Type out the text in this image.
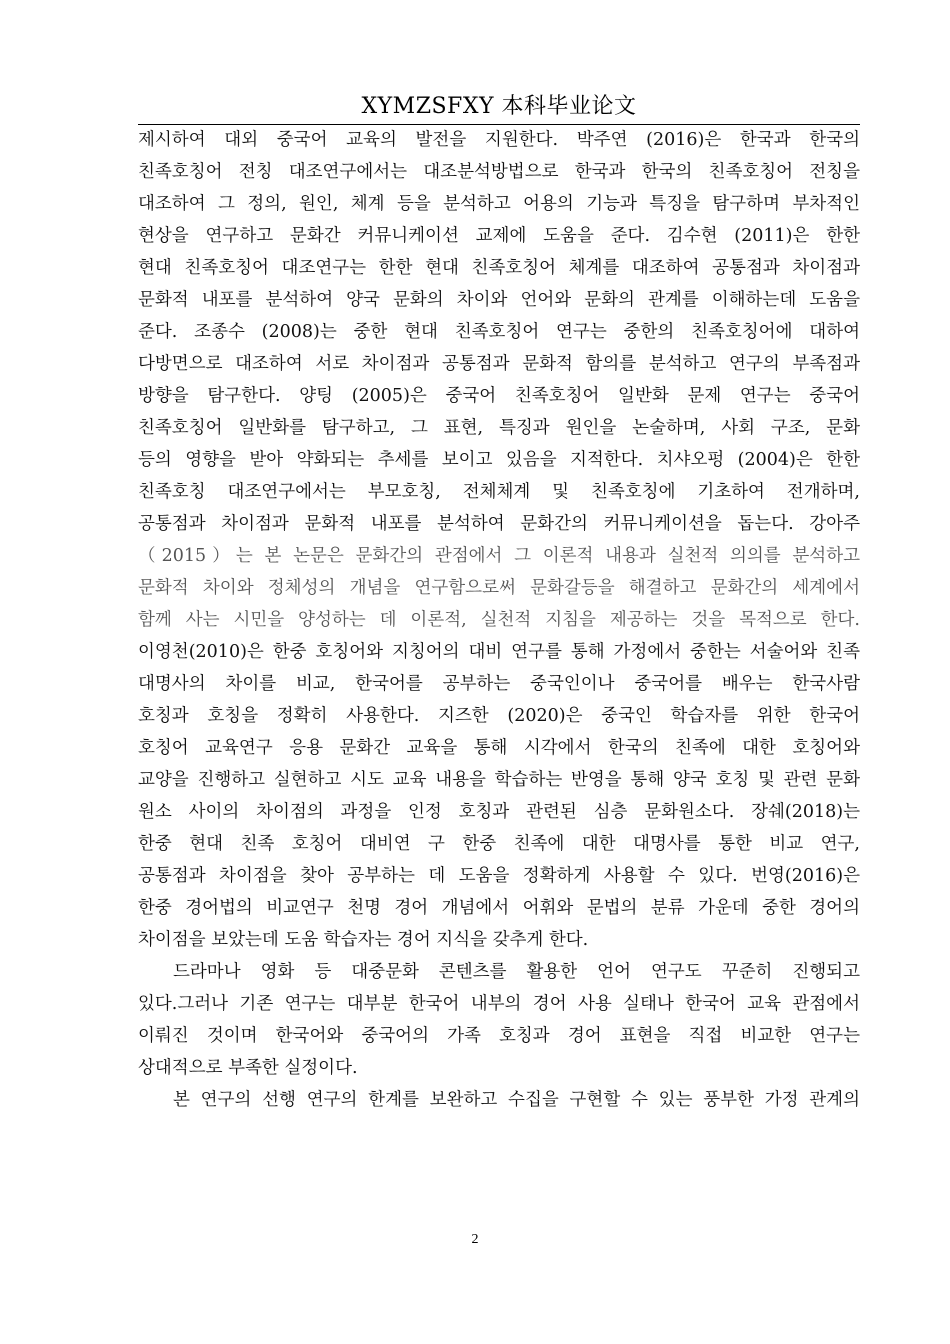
XYMZSFXY 本科毕业论文
제시하여 대외 중국어 교육의 발전을 지원한다. 박주연 (2016)은 한국과 한국의
친족호칭어 전칭 대조연구에서는 대조분석방법으로 한국과 한국의 친족호칭어 전칭을
대조하여 그 정의, 원인, 체계 등을 분석하고 어용의 기능과 특징을 탐구하며 부차적인
현상을 연구하고 문화간 커뮤니케이션 교제에 도움을 준다. 김수현 (2011)은 한한
현대 친족호칭어 대조연구는 한한 현대 친족호칭어 체계를 대조하여 공통점과 차이점과
문화적 내포를 분석하여 양국 문화의 차이와 언어와 문화의 관계를 이해하는데 도움을
준다. 조종수 (2008)는 중한 현대 친족호칭어 연구는 중한의 친족호칭어에 대하여
다방면으로 대조하여 서로 차이점과 공통점과 문화적 함의를 분석하고 연구의 부족점과
방향을 탐구한다. 양팅 (2005)은 중국어 친족호칭어 일반화 문제 연구는 중국어
친족호칭어 일반화를 탐구하고, 그 표현, 특징과 원인을 논술하며, 사회 구조, 문화
등의 영향을 받아 약화되는 추세를 보이고 있음을 지적한다. 치샤오펑 (2004)은 한한
친족호칭 대조연구에서는 부모호칭, 전체체계 및 친족호칭에 기초하여 전개하며,
공통점과 차이점과 문화적 내포를 분석하여 문화간의 커뮤니케이션을 돕는다. 강아주
（2015）는 본 논문은 문화간의 관점에서 그 이론적 내용과 실천적 의의를 분석하고
문화적 차이와 정체성의 개념을 연구함으로써 문화갈등을 해결하고 문화간의 세계에서
함께 사는 시민을 양성하는 데 이론적, 실천적 지침을 제공하는 것을 목적으로 한다.
이영천(2010)은 한중 호칭어와 지칭어의 대비 연구를 통해 가정에서 중한는 서술어와 친족
대명사의 차이를 비교, 한국어를 공부하는 중국인이나 중국어를 배우는 한국사람
호칭과 호칭을 정확히 사용한다. 지즈한 (2020)은 중국인 학습자를 위한 한국어
호칭어 교육연구 응용 문화간 교육을 통해 시각에서 한국의 친족에 대한 호칭어와
교양을 진행하고 실현하고 시도 교육 내용을 학습하는 반영을 통해 양국 호칭 및 관련 문화
원소 사이의 차이점의 과정을 인정 호칭과 관련된 심층 문화원소다. 장쉐(2018)는
한중 현대 친족 호칭어 대비연 구 한중 친족에 대한 대명사를 통한 비교 연구,
공통점과 차이점을 찾아 공부하는 데 도움을 정확하게 사용할 수 있다. 번영(2016)은
한중 경어법의 비교연구 천명 경어 개념에서 어휘와 문법의 분류 가운데 중한 경어의
차이점을 보았는데 도움 학습자는 경어 지식을 갖추게 한다.
드라마나 영화 등 대중문화 콘텐츠를 활용한 언어 연구도 꾸준히 진행되고
있다.그러나 기존 연구는 대부분 한국어 내부의 경어 사용 실태나 한국어 교육 관점에서
이뤄진 것이며 한국어와 중국어의 가족 호칭과 경어 표현을 직접 비교한 연구는
상대적으로 부족한 실정이다.
본 연구의 선행 연구의 한계를 보완하고 수집을 구현할 수 있는 풍부한 가정 관계의
2
